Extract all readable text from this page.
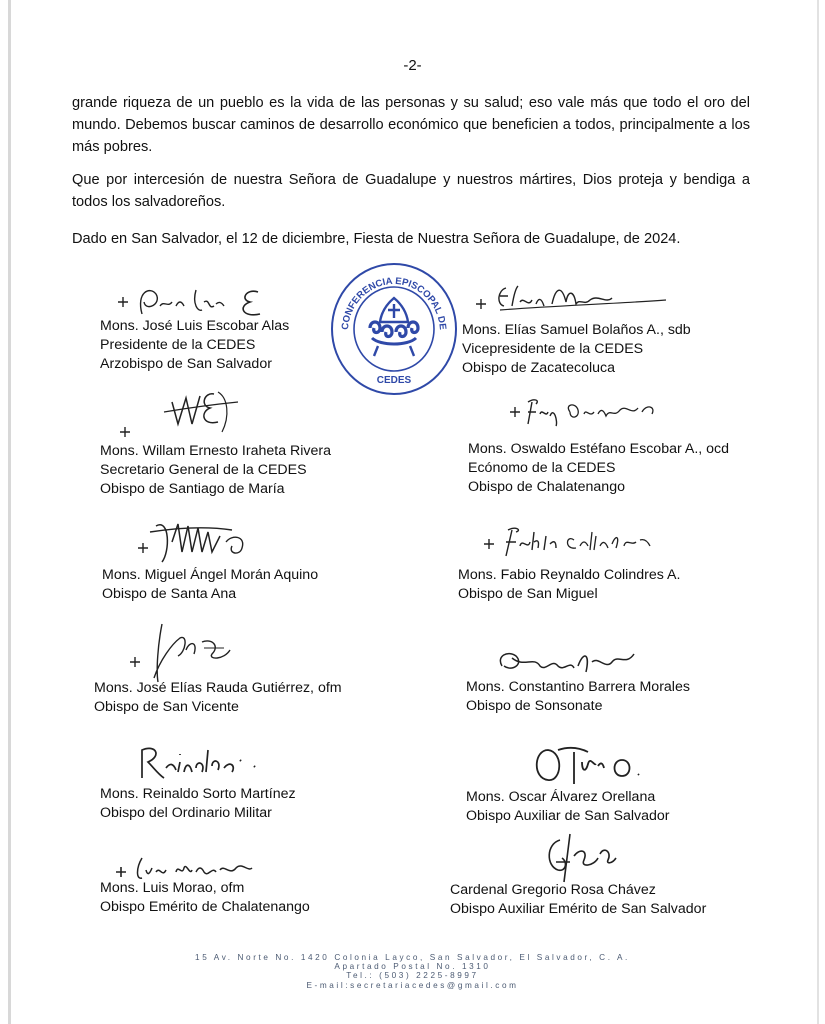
-2-

grande riqueza de un pueblo es la vida de las personas y su salud; eso vale más que todo el oro del mundo. Debemos buscar caminos de desarrollo económico que beneficien a todos, principalmente a los más pobres.

Que por intercesión de nuestra Señora de Guadalupe y nuestros mártires, Dios proteja y bendiga a todos los salvadoreños.

Dado en San Salvador, el 12 de diciembre, Fiesta de Nuestra Señora de Guadalupe, de 2024.

CONFERENCIA EPISCOPAL DE
CEDES
Mons. José Luis Escobar Alas
Presidente de la CEDES
Arzobispo de San Salvador
Mons. Elías Samuel Bolaños A., sdb
Vicepresidente de la CEDES
Obispo de Zacatecoluca
Mons. Willam Ernesto Iraheta Rivera
Secretario General de la CEDES
Obispo de Santiago de María
Mons. Oswaldo Estéfano Escobar A., ocd
Ecónomo de la CEDES
Obispo de Chalatenango
Mons. Miguel Ángel Morán Aquino
Obispo de Santa Ana
Mons. Fabio Reynaldo Colindres A.
Obispo de San Miguel
Mons. José Elías Rauda Gutiérrez, ofm
Obispo de San Vicente
Mons. Constantino Barrera Morales
Obispo de Sonsonate
Mons. Reinaldo Sorto Martínez
Obispo del Ordinario Militar
Mons. Oscar Álvarez Orellana
Obispo Auxiliar de San Salvador
Mons. Luis Morao, ofm
Obispo Emérito de Chalatenango
Cardenal Gregorio Rosa Chávez
Obispo Auxiliar Emérito de San Salvador
15 Av. Norte No. 1420 Colonia Layco, San Salvador, El Salvador, C. A.
Apartado Postal No. 1310
Tel.: (503) 2225-8997
E-mail:secretariacedes@gmail.com
